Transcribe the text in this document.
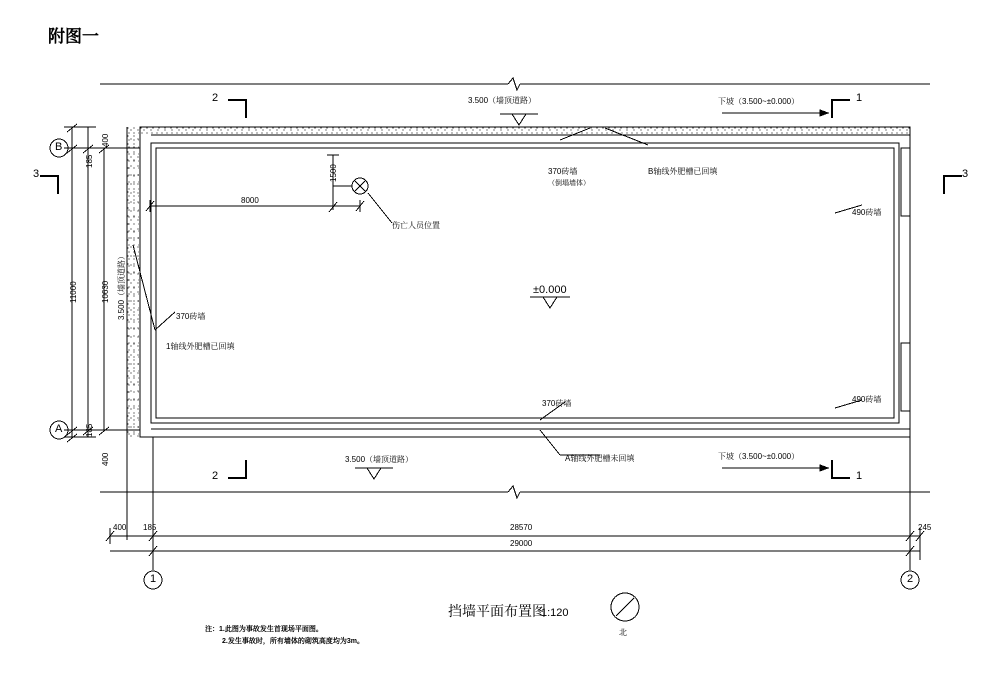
附图一
2
2
1
1
3	3
B
A
1	2
3.500（墙顶道路）
3.500（墙顶道路）
±0.000
下坡（3.500~±0.000）
下坡（3.500~±0.000）
3.500（墙顶道路）
370砖墙
（倒塌墙体）
B轴线外肥槽已回填
490砖墙
490砖墙
370砖墙
1轴线外肥槽已回填
370砖墙
A轴线外肥槽未回填
伤亡人员位置
8000
1500
11000	10630
400
185
185
400
400 185	28570
29000
245
挡墙平面布置图
1:120
注：1.此图为事故发生首现场平面图。
2.发生事故时，所有墙体的砌筑高度均为3m。
北
